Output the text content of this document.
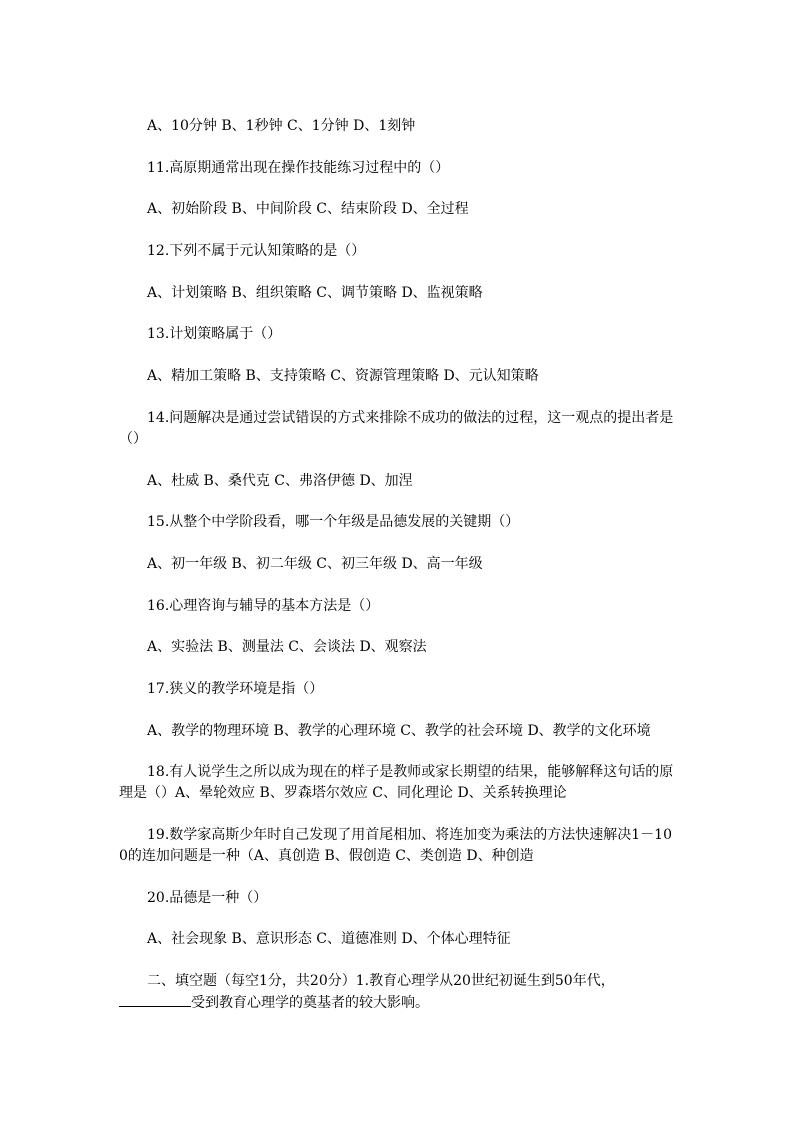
A、10分钟 B、1秒钟 C、1分钟 D、1刻钟

11.高原期通常出现在操作技能练习过程中的（）

A、初始阶段 B、中间阶段 C、结束阶段 D、全过程

12.下列不属于元认知策略的是（）

A、计划策略 B、组织策略 C、调节策略 D、监视策略

13.计划策略属于（）

A、精加工策略 B、支持策略 C、资源管理策略 D、元认知策略

14.问题解决是通过尝试错误的方式来排除不成功的做法的过程，这一观点的提出者是（）

A、杜威 B、桑代克 C、弗洛伊德 D、加涅

15.从整个中学阶段看，哪一个年级是品德发展的关键期（）

A、初一年级 B、初二年级 C、初三年级 D、高一年级

16.心理咨询与辅导的基本方法是（）

A、实验法 B、测量法 C、会谈法 D、观察法

17.狭义的教学环境是指（）

A、教学的物理环境 B、教学的心理环境 C、教学的社会环境 D、教学的文化环境

18.有人说学生之所以成为现在的样子是教师或家长期望的结果，能够解释这句话的原理是（）A、晕轮效应 B、罗森塔尔效应 C、同化理论 D、关系转换理论

19.数学家高斯少年时自己发现了用首尾相加、将连加变为乘法的方法快速解决1－100的连加问题是一种（A、真创造 B、假创造 C、类创造 D、种创造

20.品德是一种（）

A、社会现象 B、意识形态 C、道德准则 D、个体心理特征

二、填空题（每空1分，共20分）1.教育心理学从20世纪初诞生到50年代，受到教育心理学的奠基者的较大影响。
